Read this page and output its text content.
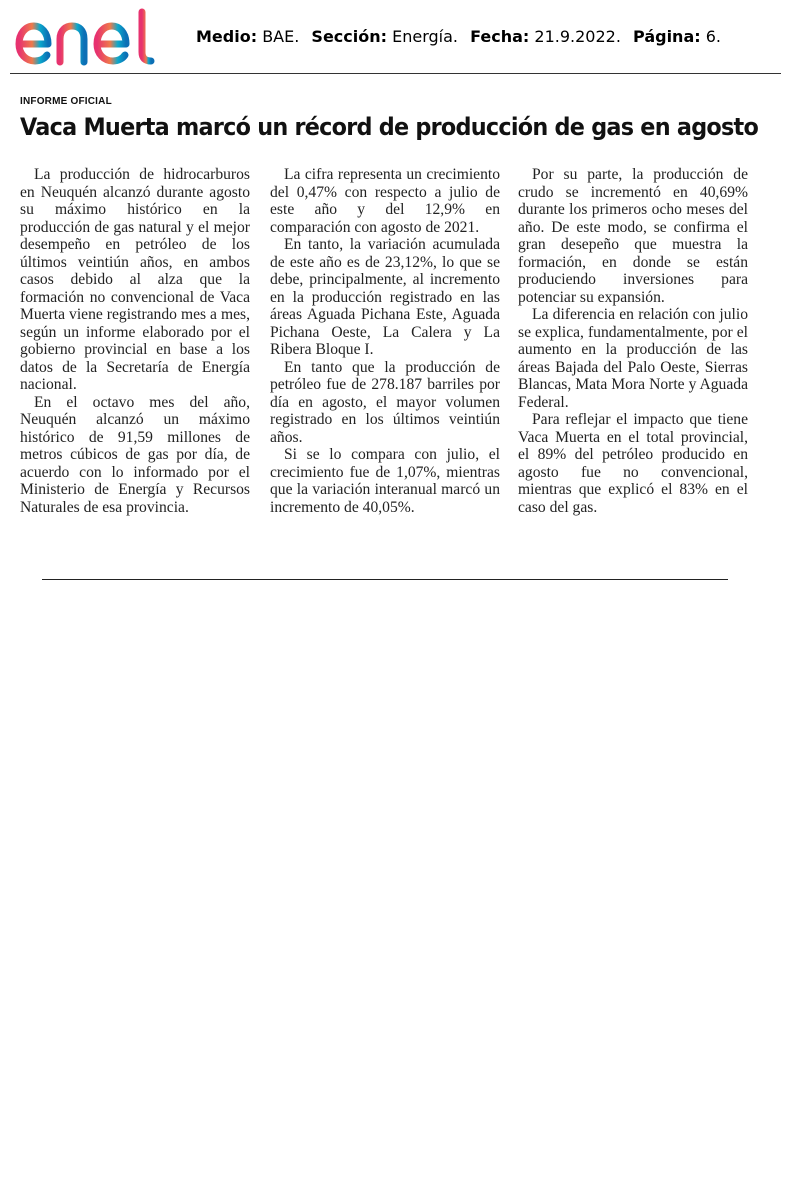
enel
Medio: BAE. Sección: Energía. Fecha: 21.9.2022. Página: 6.
INFORME OFICIAL
Vaca Muerta marcó un récord de producción de gas en agosto

La producción de hidrocarburos en Neuquén alcanzó durante agosto su máximo histórico en la producción de gas natural y el mejor desempeño en petróleo de los últimos veintiún años, en ambos casos debido al alza que la formación no convencional de Vaca Muerta viene registrando mes a mes, según un informe elaborado por el gobierno provincial en base a los datos de la Secretaría de Energía nacional.

En el octavo mes del año, Neuquén alcanzó un máximo histórico de 91,59 millones de metros cúbicos de gas por día, de acuerdo con lo informado por el Ministerio de Energía y Recursos Naturales de esa provincia.

La cifra representa un crecimiento del 0,47% con respecto a julio de este año y del 12,9% en comparación con agosto de 2021.

En tanto, la variación acumulada de este año es de 23,12%, lo que se debe, principalmente, al incremento en la producción registrado en las áreas Aguada Pichana Este, Aguada Pichana Oeste, La Calera y La Ribera Bloque I.

En tanto que la producción de petróleo fue de 278.187 barriles por día en agosto, el mayor volumen registrado en los últimos veintiún años.

Si se lo compara con julio, el crecimiento fue de 1,07%, mientras que la variación interanual marcó un incremento de 40,05%.

Por su parte, la producción de crudo se incrementó en 40,69% durante los primeros ocho meses del año. De este modo, se confirma el gran desepeño que muestra la formación, en donde se están produciendo inversiones para potenciar su expansión.

La diferencia en relación con julio se explica, fundamentalmente, por el aumento en la producción de las áreas Bajada del Palo Oeste, Sierras Blancas, Mata Mora Norte y Aguada Federal.

Para reflejar el impacto que tiene Vaca Muerta en el total provincial, el 89% del petróleo producido en agosto fue no convencional, mientras que explicó el 83% en el caso del gas.
